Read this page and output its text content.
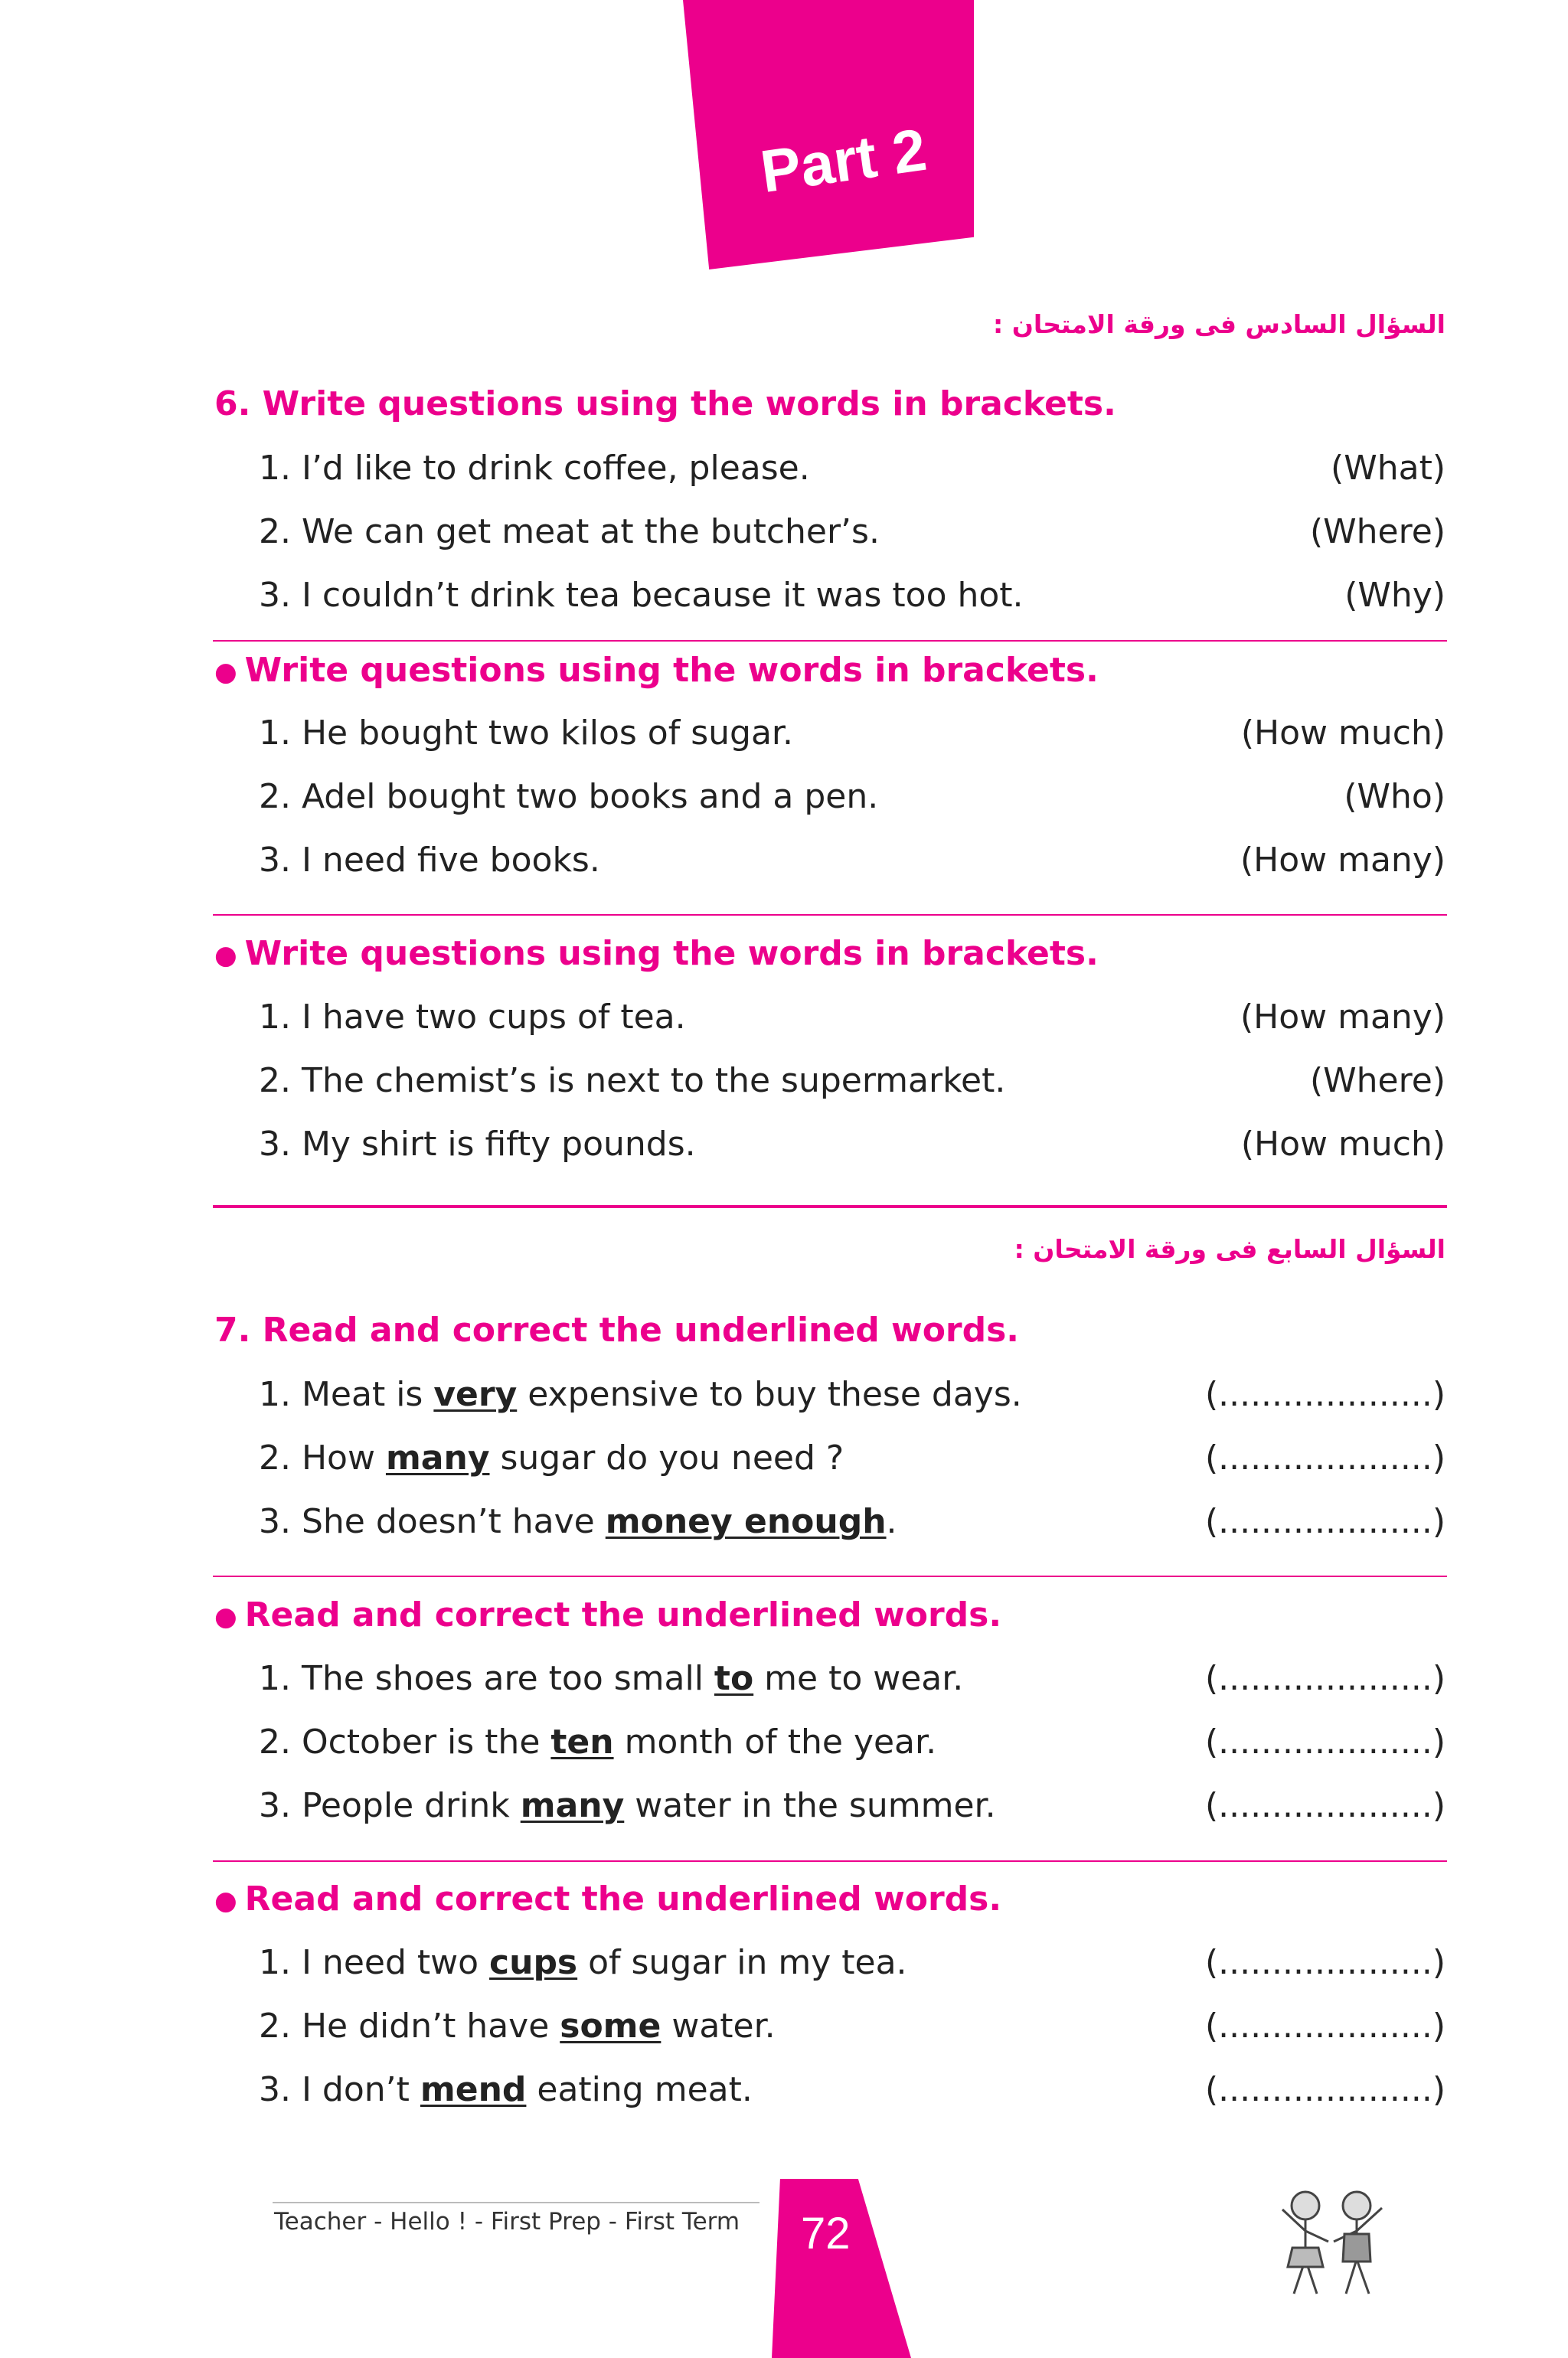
Part 2
السؤال السادس فى ورقة الامتحان :
6. Write questions using the words in brackets.
1. I’d like to drink coffee, please.	(What)
2. We can get meat at the butcher’s.	(Where)
3. I couldn’t drink tea because it was too hot.	(Why)
● Write questions using the words in brackets.
1. He bought two kilos of sugar.	(How much)
2. Adel bought two books and a pen.	(Who)
3. I need five books.	(How many)
● Write questions using the words in brackets.
1. I have two cups of tea.	(How many)
2. The chemist’s is next to the supermarket.	(Where)
3. My shirt is fifty pounds.	(How much)
السؤال السابع فى ورقة الامتحان :
7. Read and correct the underlined words.
1. Meat is very expensive to buy these days.	(....................)
2. How many sugar do you need ?	(....................)
3. She doesn’t have money enough.	(....................)
● Read and correct the underlined words.
1. The shoes are too small to me to wear.	(....................)
2. October is the ten month of the year.	(....................)
3. People drink many water in the summer.	(....................)
● Read and correct the underlined words.
1. I need two cups of sugar in my tea.	(....................)
2. He didn’t have some water.	(....................)
3. I don’t mend eating meat.	(....................)
Teacher - Hello ! - First Prep - First Term 72
